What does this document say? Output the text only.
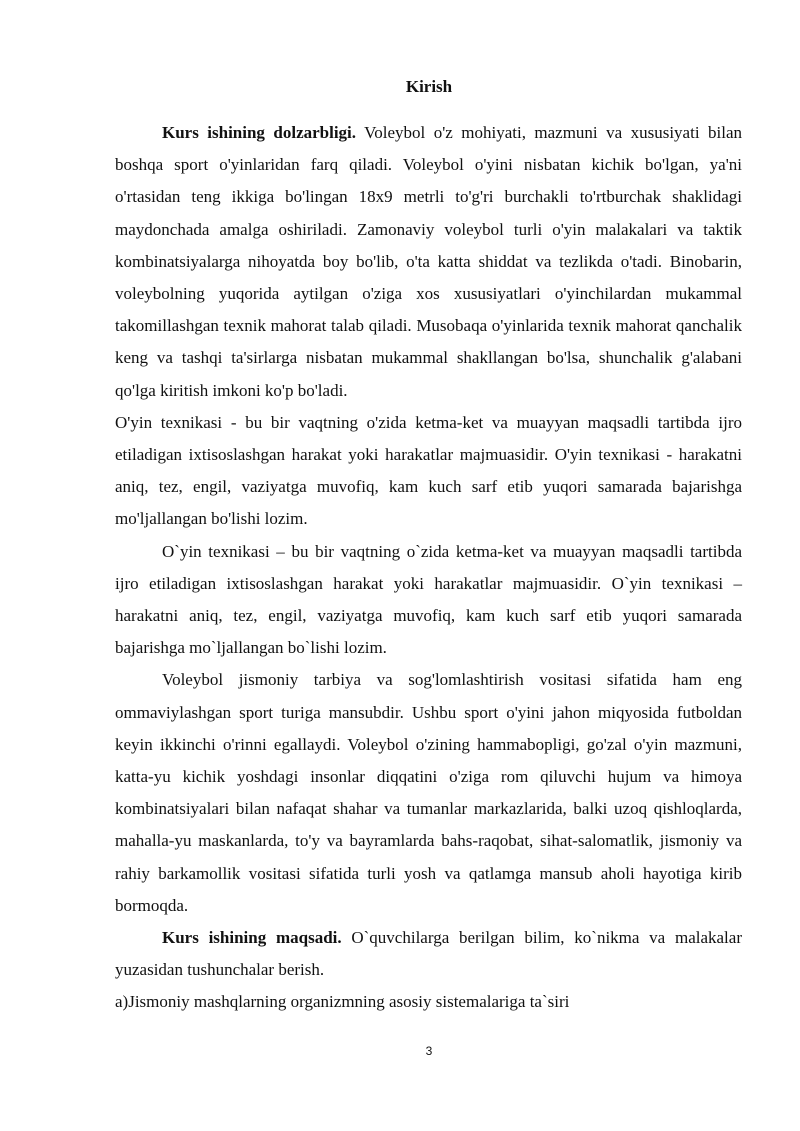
Kirish

Kurs ishining dolzarbligi. Voleybol o'z mohiyati, mazmuni va xususiyati bilan boshqa sport o'yinlaridan farq qiladi. Voleybol o'yini nisbatan kichik bo'lgan, ya'ni o'rtasidan teng ikkiga bo'lingan 18x9 metrli to'g'ri burchakli to'rtburchak shaklidagi maydonchada amalga oshiriladi. Zamonaviy voleybol turli o'yin malakalari va taktik kombinatsiyalarga nihoyatda boy bo'lib, o'ta katta shiddat va tezlikda o'tadi. Binobarin, voleybolning yuqorida aytilgan o'ziga xos xususiyatlari o'yinchilardan mukammal takomillashgan texnik mahorat talab qiladi. Musobaqa o'yinlarida texnik mahorat qanchalik keng va tashqi ta'sirlarga nisbatan mukammal shakllangan bo'lsa, shunchalik g'alabani qo'lga kiritish imkoni ko'p bo'ladi.

O'yin texnikasi - bu bir vaqtning o'zida ketma-ket va muayyan maqsadli tartibda ijro etiladigan ixtisoslashgan harakat yoki harakatlar majmuasidir. O'yin texnikasi - harakatni aniq, tez, engil, vaziyatga muvofiq, kam kuch sarf etib yuqori samarada bajarishga mo'ljallangan bo'lishi lozim.

O`yin texnikasi – bu bir vaqtning o`zida ketma-ket va muayyan maqsadli tartibda ijro etiladigan ixtisoslashgan harakat yoki harakatlar majmuasidir. O`yin texnikasi – harakatni aniq, tez, engil, vaziyatga muvofiq, kam kuch sarf etib yuqori samarada bajarishga mo`ljallangan bo`lishi lozim.

Voleybol jismoniy tarbiya va sog'lomlashtirish vositasi sifatida ham eng ommaviylashgan sport turiga mansubdir. Ushbu sport o'yini jahon miqyosida futboldan keyin ikkinchi o'rinni egallaydi. Voleybol o'zining hammabopligi, go'zal o'yin mazmuni, katta-yu kichik yoshdagi insonlar diqqatini o'ziga rom qiluvchi hujum va himoya kombinatsiyalari bilan nafaqat shahar va tumanlar markazlarida, balki uzoq qishloqlarda, mahalla-yu maskanlarda, to'y va bayramlarda bahs-raqobat, sihat-salomatlik, jismoniy va rahiy barkamollik vositasi sifatida turli yosh va qatlamga mansub aholi hayotiga kirib bormoqda.

Kurs ishining maqsadi. O`quvchilarga berilgan bilim, ko`nikma va malakalar yuzasidan tushunchalar berish.

a)Jismoniy mashqlarning organizmning asosiy sistemalariga ta`siri

3
